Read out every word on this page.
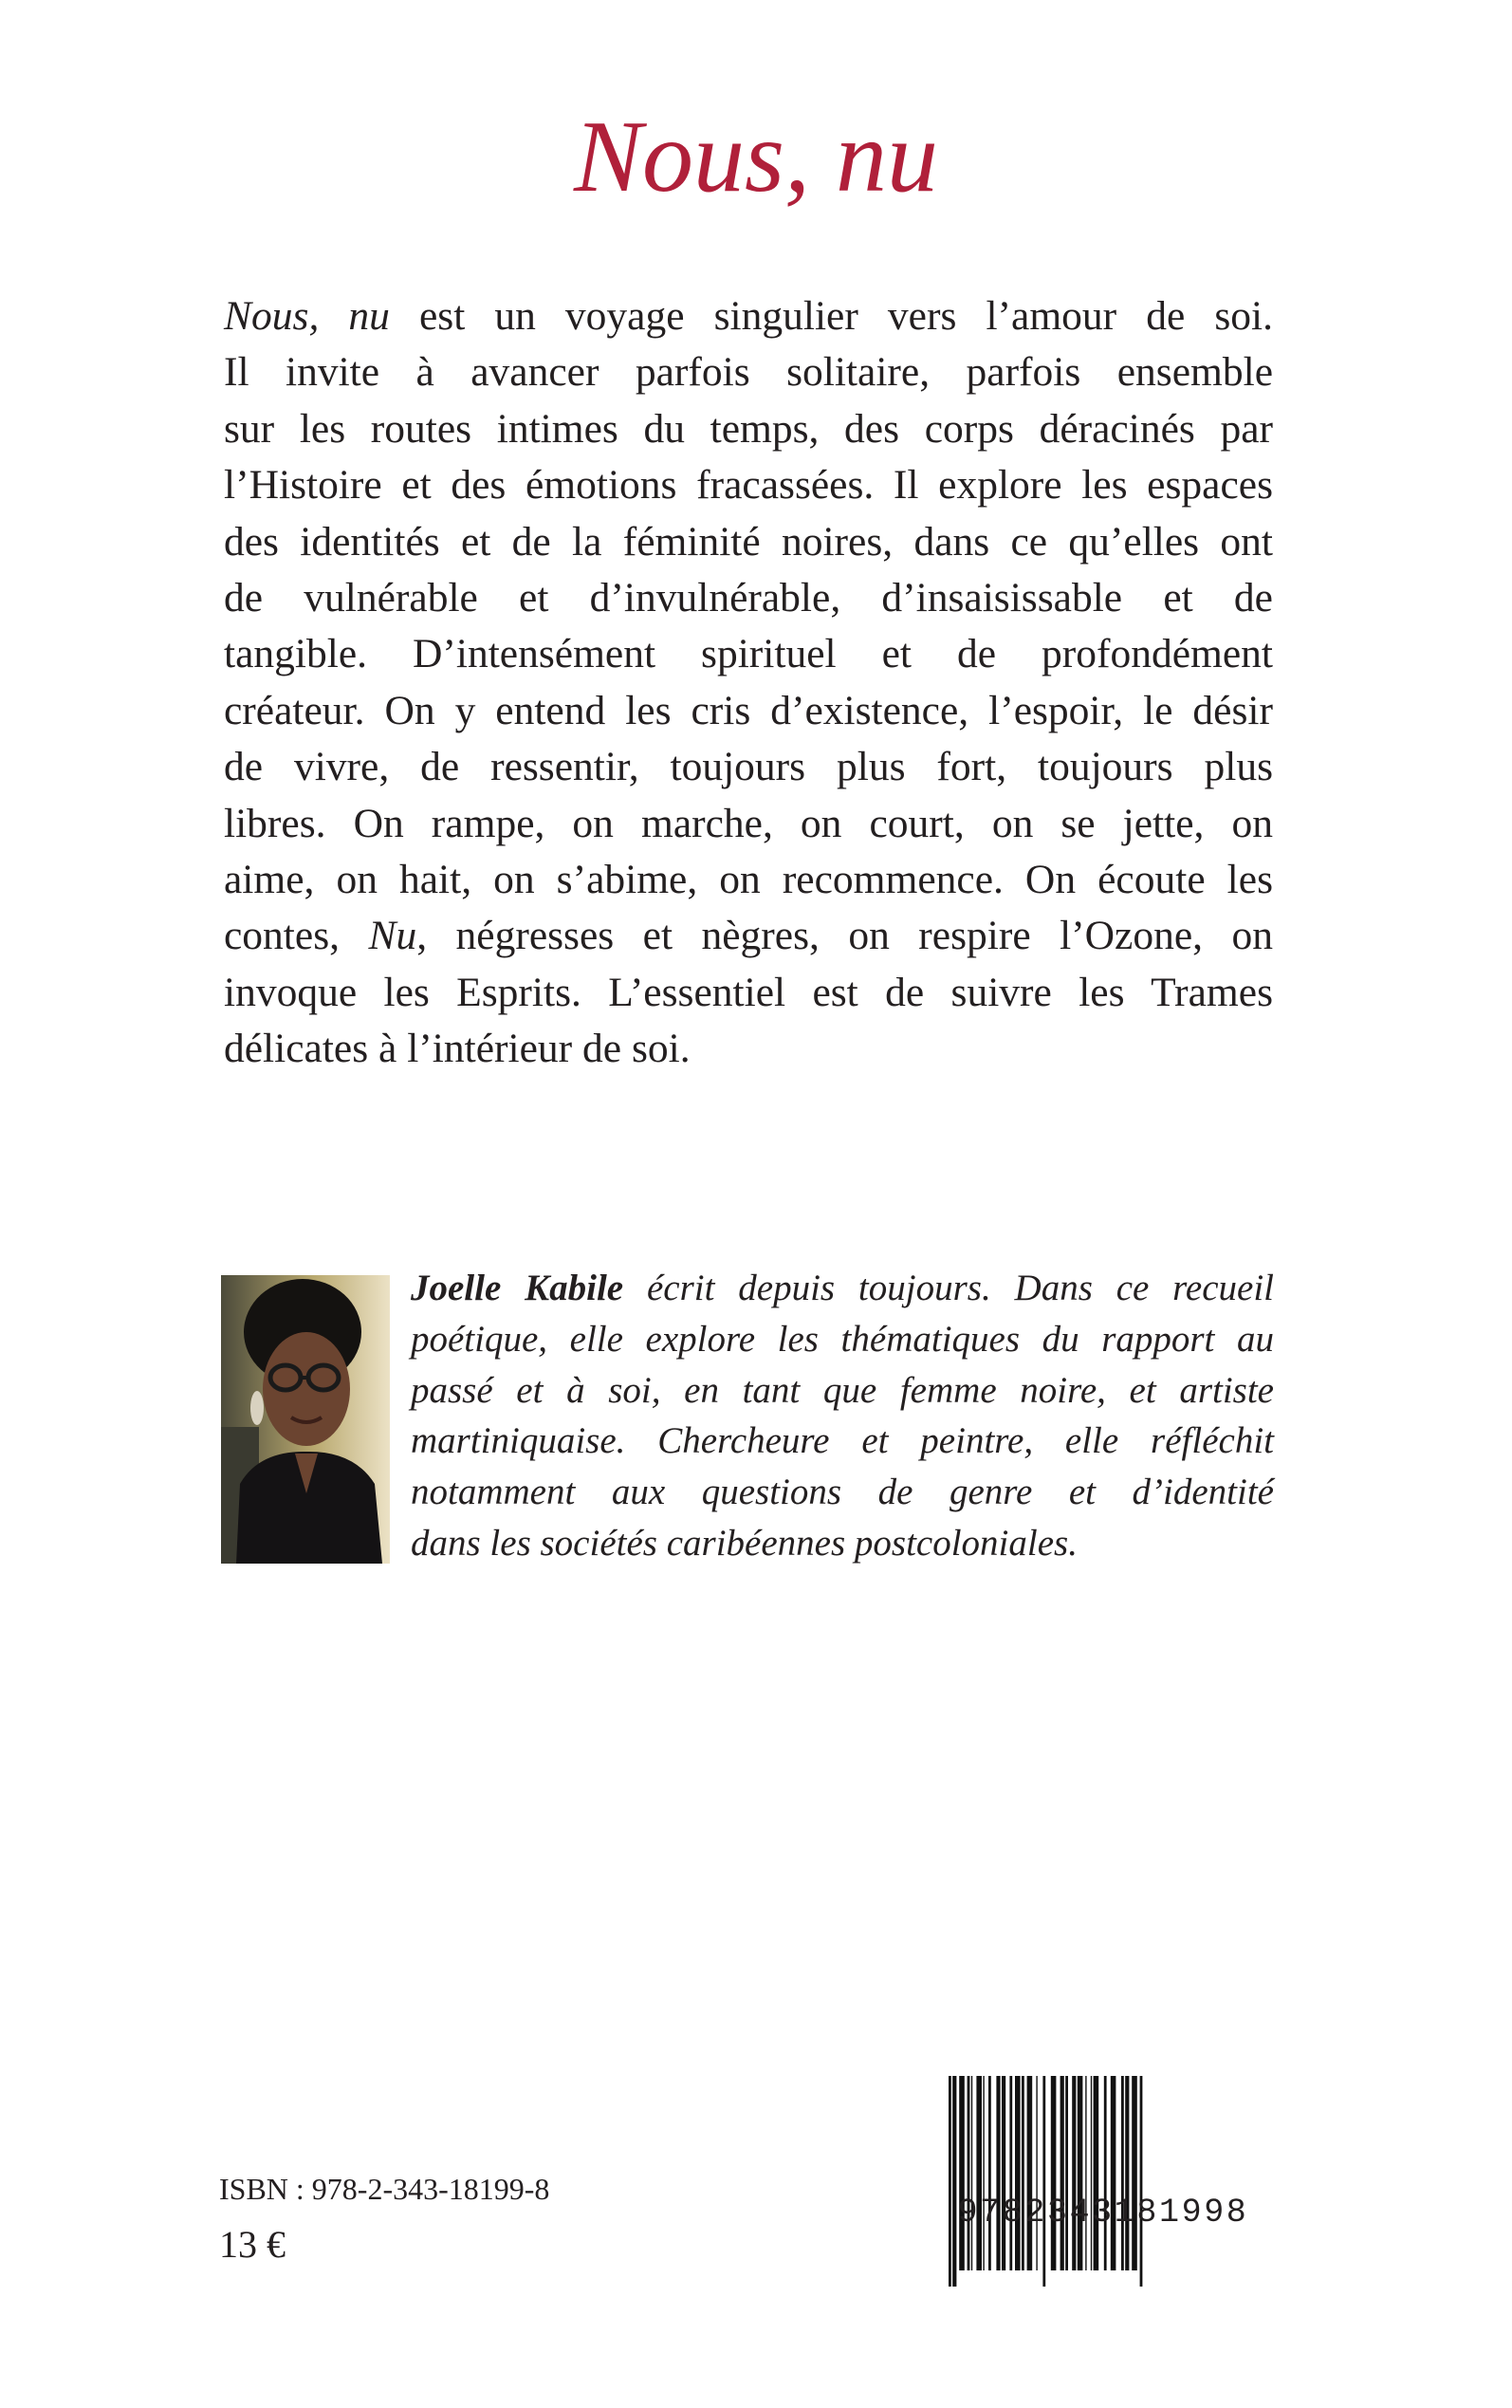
Nous, nu
Nous, nu est un voyage singulier vers l’amour de soi.
Il invite à avancer parfois solitaire, parfois ensemble
sur les routes intimes du temps, des corps déracinés par
l’Histoire et des émotions fracassées. Il explore les espaces
des identités et de la féminité noires, dans ce qu’elles ont
de vulnérable et d’invulnérable, d’insaisissable et de
tangible. D’intensément spirituel et de profondément
créateur. On y entend les cris d’existence, l’espoir, le désir
de vivre, de ressentir, toujours plus fort, toujours plus
libres. On rampe, on marche, on court, on se jette, on
aime, on hait, on s’abime, on recommence. On écoute les
contes, Nu, négresses et nègres, on respire l’Ozone, on
invoque les Esprits. L’essentiel est de suivre les Trames
délicates à l’intérieur de soi.
Joelle Kabile écrit depuis toujours. Dans ce recueil
poétique, elle explore les thématiques du rapport au
passé et à soi, en tant que femme noire, et artiste
martiniquaise. Chercheure et peintre, elle réfléchit
notamment aux questions de genre et d’identité
dans les sociétés caribéennes postcoloniales.
9782343181998
ISBN : 978-2-343-18199-8
13 €
